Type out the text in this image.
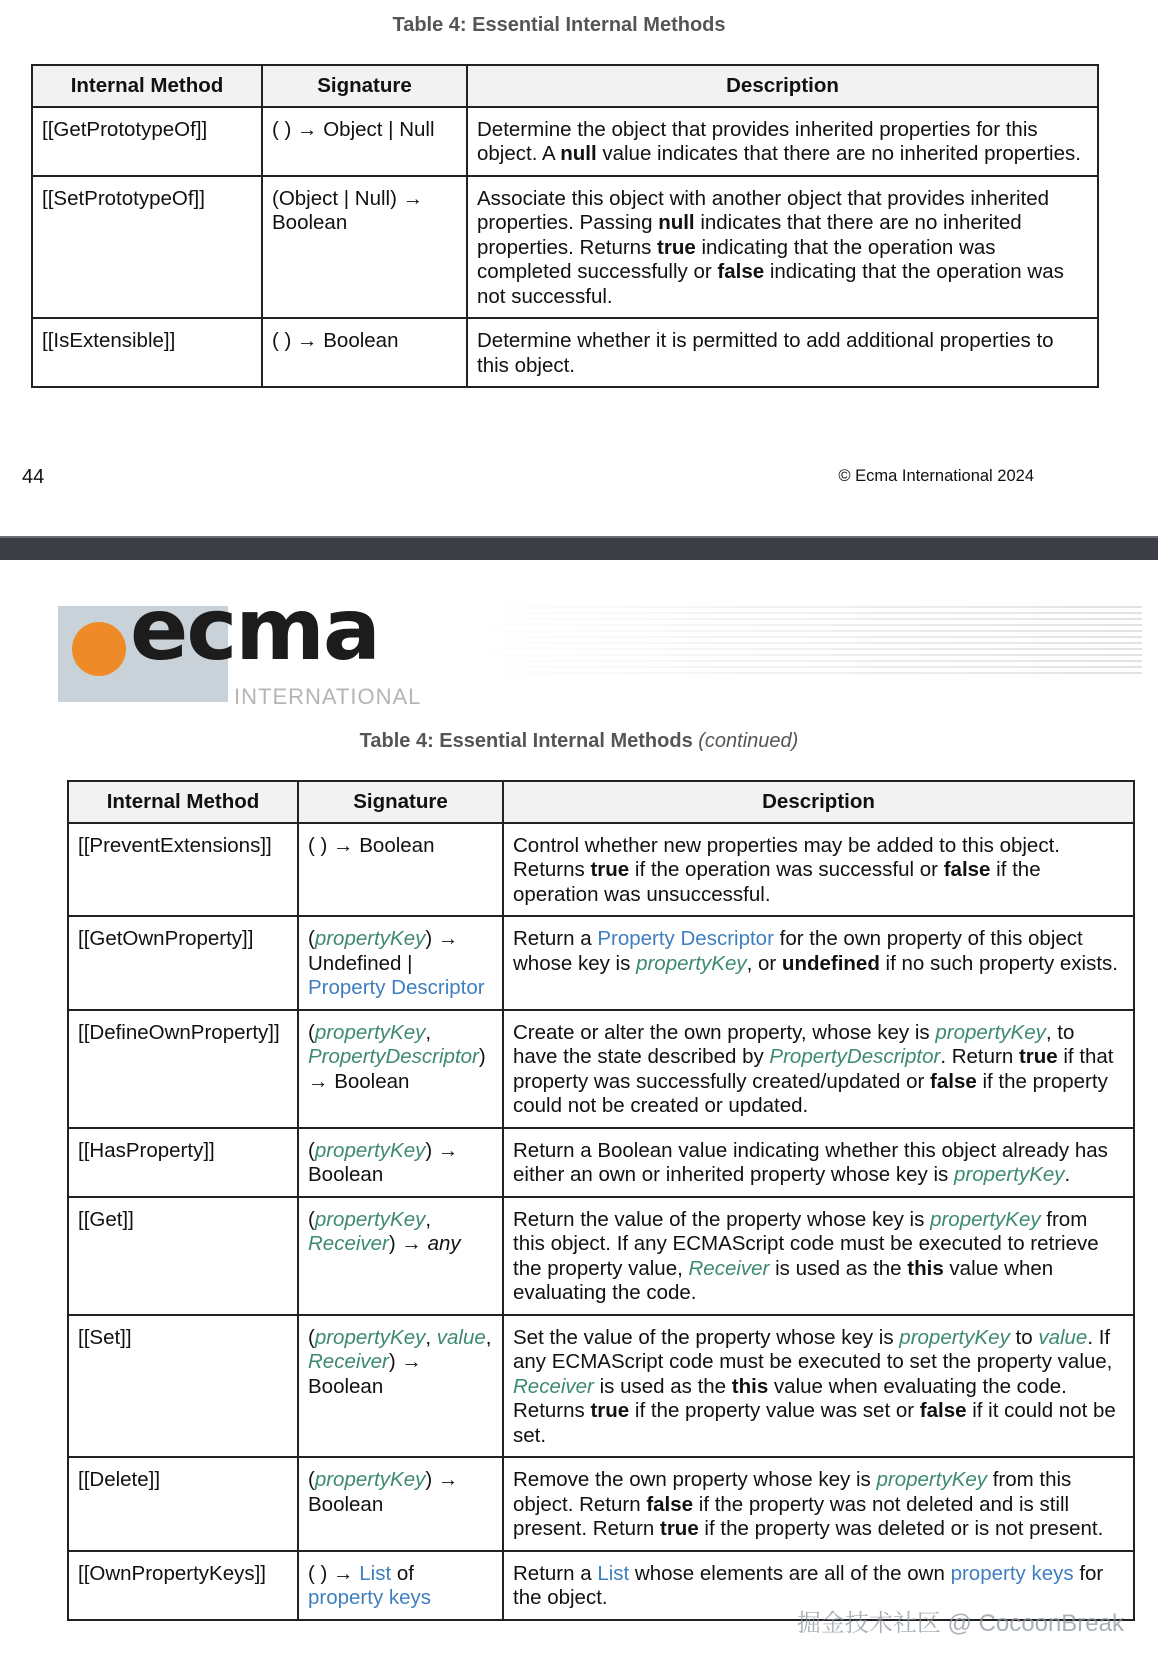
Table 4: Essential Internal Methods
Internal Method	Signature	Description
[[GetPrototypeOf]]	( ) → Object | Null	Determine the object that provides inherited properties for this object. A null value indicates that there are no inherited properties.
[[SetPrototypeOf]]	(Object | Null) → Boolean	Associate this object with another object that provides inherited properties. Passing null indicates that there are no inherited properties. Returns true indicating that the operation was completed successfully or false indicating that the operation was not successful.
[[IsExtensible]]	( ) → Boolean	Determine whether it is permitted to add additional properties to this object.
44	© Ecma International 2024
ecma
INTERNATIONAL
Table 4: Essential Internal Methods (continued)
Internal Method	Signature	Description
[[PreventExtensions]]	( ) → Boolean	Control whether new properties may be added to this object. Returns true if the operation was successful or false if the operation was unsuccessful.
[[GetOwnProperty]]	(propertyKey) → Undefined | Property Descriptor	Return a Property Descriptor for the own property of this object whose key is propertyKey, or undefined if no such property exists.
[[DefineOwnProperty]]	(propertyKey, PropertyDescriptor) → Boolean	Create or alter the own property, whose key is propertyKey, to have the state described by PropertyDescriptor. Return true if that property was successfully created/updated or false if the property could not be created or updated.
[[HasProperty]]	(propertyKey) → Boolean	Return a Boolean value indicating whether this object already has either an own or inherited property whose key is propertyKey.
[[Get]]	(propertyKey, Receiver) → any	Return the value of the property whose key is propertyKey from this object. If any ECMAScript code must be executed to retrieve the property value, Receiver is used as the this value when evaluating the code.
[[Set]]	(propertyKey, value, Receiver) → Boolean	Set the value of the property whose key is propertyKey to value. If any ECMAScript code must be executed to set the property value, Receiver is used as the this value when evaluating the code. Returns true if the property value was set or false if it could not be set.
[[Delete]]	(propertyKey) → Boolean	Remove the own property whose key is propertyKey from this object. Return false if the property was not deleted and is still present. Return true if the property was deleted or is not present.
[[OwnPropertyKeys]]	( ) → List of property keys	Return a List whose elements are all of the own property keys for the object.
掘金技术社区 @ CocoonBreak
